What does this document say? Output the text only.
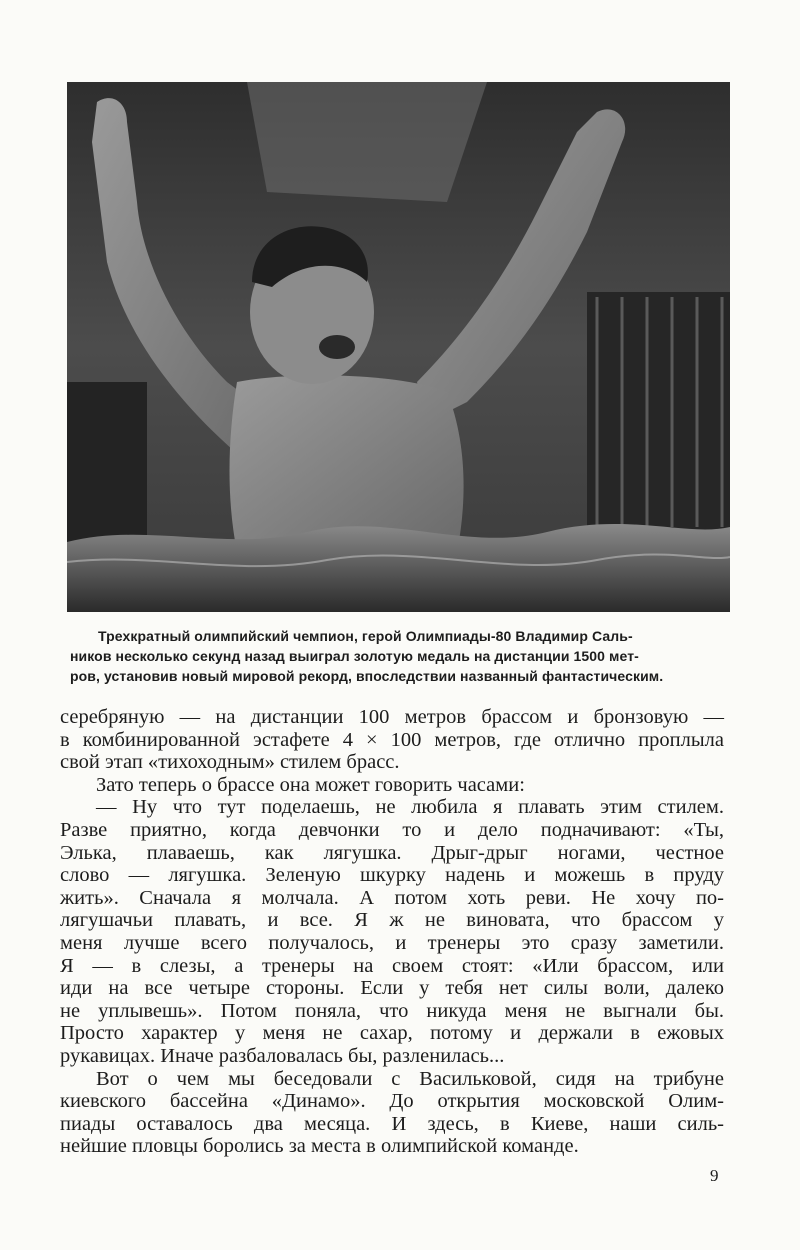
Трехкратный олимпийский чемпион, герой Олимпиады-80 Владимир Саль-
ников несколько секунд назад выиграл золотую медаль на дистанции 1500 мет-
ров, установив новый мировой рекорд, впоследствии названный фантастическим.
серебряную — на дистанции 100 метров брассом и бронзовую —
в комбинированной эстафете 4 × 100 метров, где отлично проплыла
свой этап «тихоходным» стилем брасс.
Зато теперь о брассе она может говорить часами:
— Ну что тут поделаешь, не любила я плавать этим стилем.
Разве приятно, когда девчонки то и дело подначивают: «Ты,
Элька, плаваешь, как лягушка. Дрыг-дрыг ногами, честное
слово — лягушка. Зеленую шкурку надень и можешь в пруду
жить». Сначала я молчала. А потом хоть реви. Не хочу по-
лягушачьи плавать, и все. Я ж не виновата, что брассом у
меня лучше всего получалось, и тренеры это сразу заметили.
Я — в слезы, а тренеры на своем стоят: «Или брассом, или
иди на все четыре стороны. Если у тебя нет силы воли, далеко
не уплывешь». Потом поняла, что никуда меня не выгнали бы.
Просто характер у меня не сахар, потому и держали в ежовых
рукавицах. Иначе разбаловалась бы, разленилась...
Вот о чем мы беседовали с Васильковой, сидя на трибуне
киевского бассейна «Динамо». До открытия московской Олим-
пиады оставалось два месяца. И здесь, в Киеве, наши силь-
нейшие пловцы боролись за места в олимпийской команде.
9
